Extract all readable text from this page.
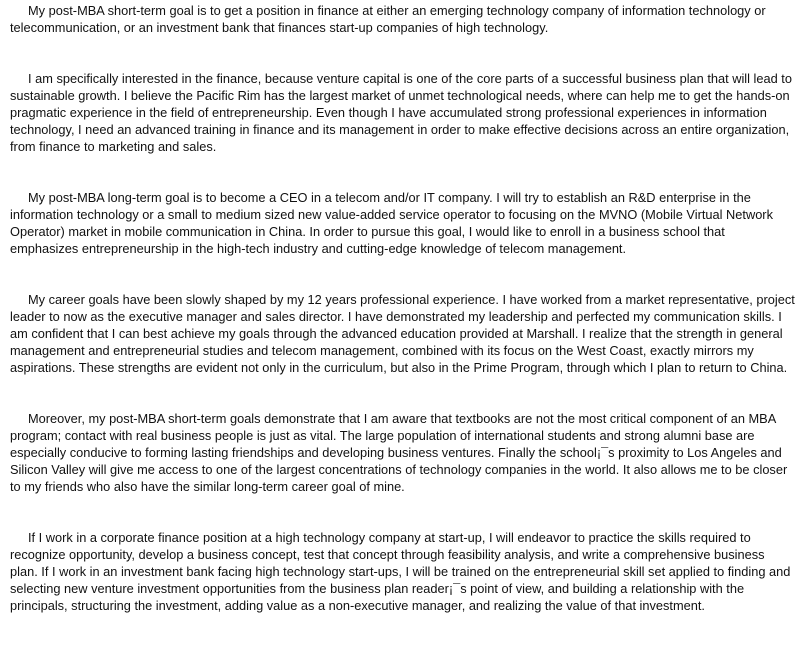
My post-MBA short-term goal is to get a position in finance at either an emerging technology company of information technology or telecommunication, or an investment bank that finances start-up companies of high technology.

I am specifically interested in the finance, because venture capital is one of the core parts of a successful business plan that will lead to sustainable growth. I believe the Pacific Rim has the largest market of unmet technological needs, where can help me to get the hands-on pragmatic experience in the field of entrepreneurship. Even though I have accumulated strong professional experiences in information technology, I need an advanced training in finance and its management in order to make effective decisions across an entire organization, from finance to marketing and sales.

My post-MBA long-term goal is to become a CEO in a telecom and/or IT company. I will try to establish an R&D enterprise in the information technology or a small to medium sized new value-added service operator to focusing on the MVNO (Mobile Virtual Network Operator) market in mobile communication in China. In order to pursue this goal, I would like to enroll in a business school that emphasizes entrepreneurship in the high-tech industry and cutting-edge knowledge of telecom management.

My career goals have been slowly shaped by my 12 years professional experience. I have worked from a market representative, project leader to now as the executive manager and sales director. I have demonstrated my leadership and perfected my communication skills. I am confident that I can best achieve my goals through the advanced education provided at Marshall. I realize that the strength in general management and entrepreneurial studies and telecom management, combined with its focus on the West Coast, exactly mirrors my aspirations. These strengths are evident not only in the curriculum, but also in the Prime Program, through which I plan to return to China.

Moreover, my post-MBA short-term goals demonstrate that I am aware that textbooks are not the most critical component of an MBA program; contact with real business people is just as vital. The large population of international students and strong alumni base are especially conducive to forming lasting friendships and developing business ventures. Finally the school¡¯s proximity to Los Angeles and Silicon Valley will give me access to one of the largest concentrations of technology companies in the world. It also allows me to be closer to my friends who also have the similar long-term career goal of mine.

If I work in a corporate finance position at a high technology company at start-up, I will endeavor to practice the skills required to recognize opportunity, develop a business concept, test that concept through feasibility analysis, and write a comprehensive business plan. If I work in an investment bank facing high technology start-ups, I will be trained on the entrepreneurial skill set applied to finding and selecting new venture investment opportunities from the business plan reader¡¯s point of view, and building a relationship with the principals, structuring the investment, adding value as a non-executive manager, and realizing the value of that investment.
